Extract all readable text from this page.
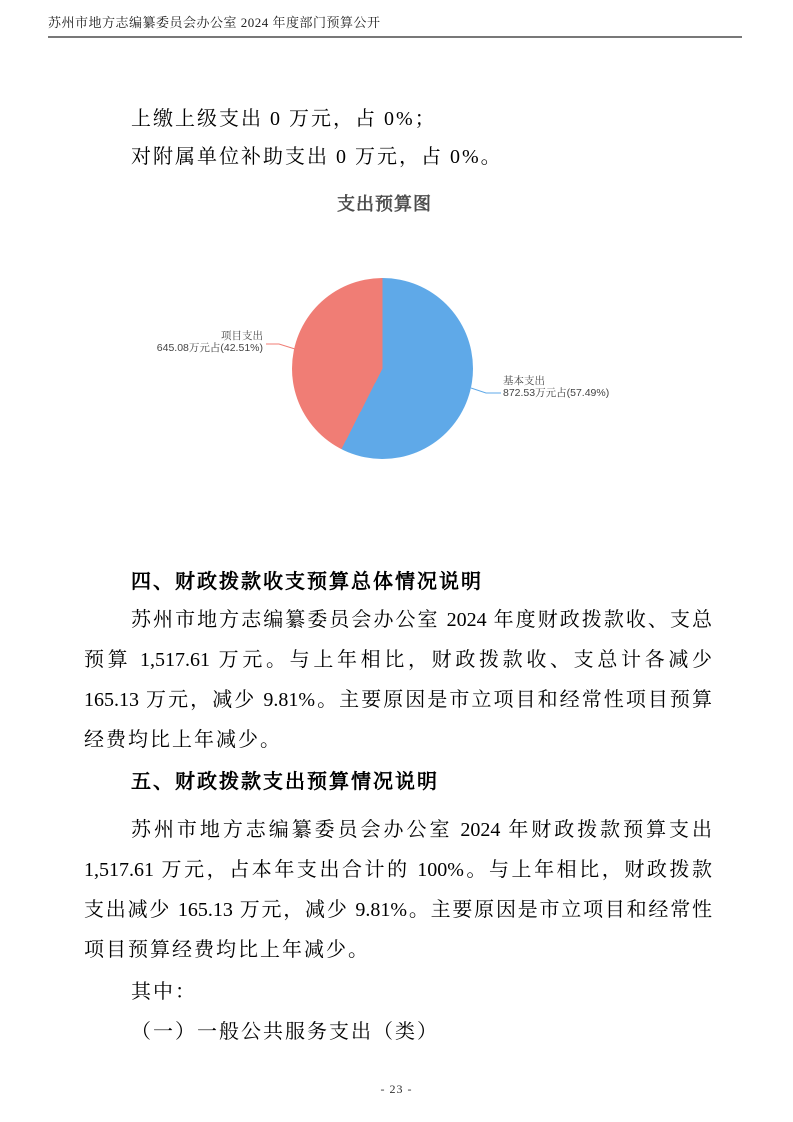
苏州市地方志编纂委员会办公室 2024 年度部门预算公开
上缴上级支出 0 万元，占 0%；
对附属单位补助支出 0 万元，占 0%。
支出预算图
项目支出
645.08万元占(42.51%)
基本支出
872.53万元占(57.49%)
四、财政拨款收支预算总体情况说明
苏州市地方志编纂委员会办公室 2024 年度财政拨款收、支总
预算 1,517.61 万元。与上年相比，财政拨款收、支总计各减少
165.13 万元，减少 9.81%。主要原因是市立项目和经常性项目预算
经费均比上年减少。
五、财政拨款支出预算情况说明
苏州市地方志编纂委员会办公室 2024 年财政拨款预算支出
1,517.61 万元，占本年支出合计的 100%。与上年相比，财政拨款
支出减少 165.13 万元，减少 9.81%。主要原因是市立项目和经常性
项目预算经费均比上年减少。
其中：
（一）一般公共服务支出（类）
- 23 -
